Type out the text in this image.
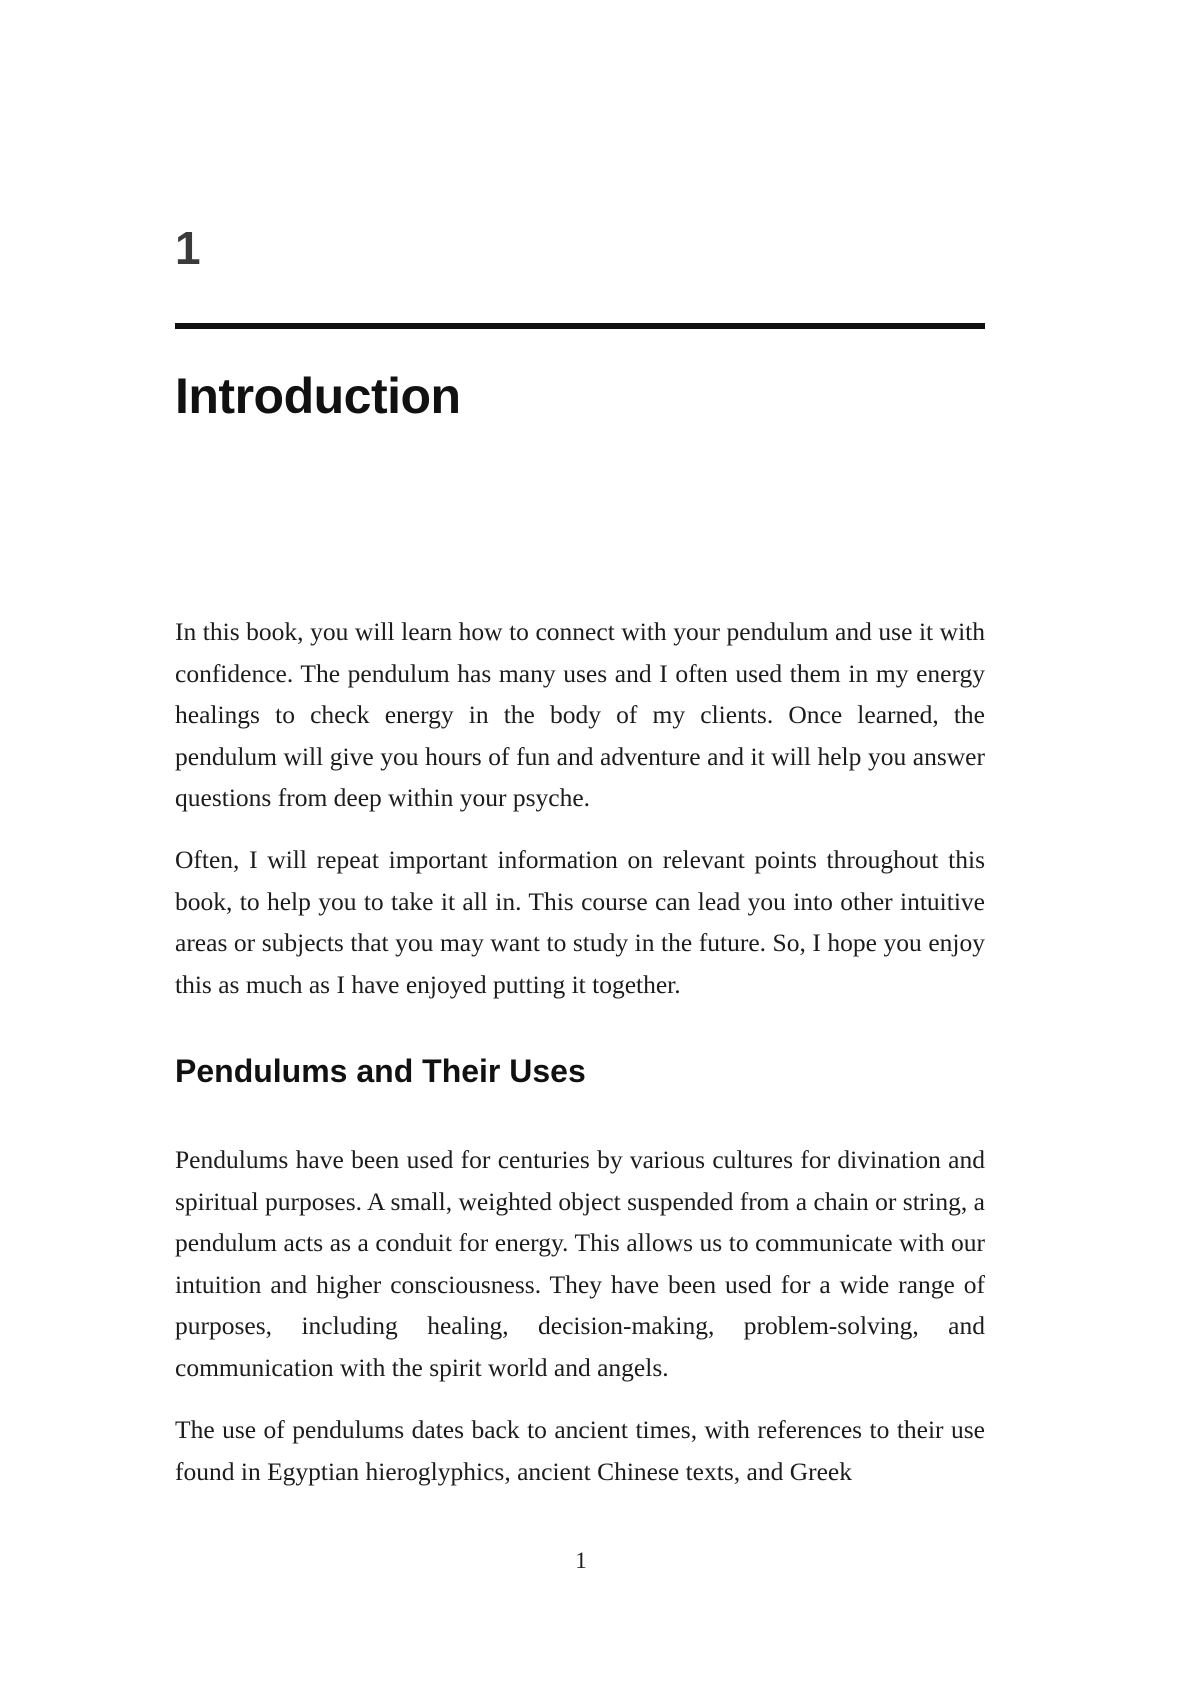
1
Introduction

In this book, you will learn how to connect with your pendulum and use it with confidence. The pendulum has many uses and I often used them in my energy healings to check energy in the body of my clients. Once learned, the pendulum will give you hours of fun and adventure and it will help you answer questions from deep within your psyche.

Often, I will repeat important information on relevant points throughout this book, to help you to take it all in. This course can lead you into other intuitive areas or subjects that you may want to study in the future. So, I hope you enjoy this as much as I have enjoyed putting it together.

Pendulums and Their Uses

Pendulums have been used for centuries by various cultures for divination and spiritual purposes. A small, weighted object suspended from a chain or string, a pendulum acts as a conduit for energy. This allows us to communicate with our intuition and higher consciousness. They have been used for a wide range of purposes, including healing, decision-making, problem-solving, and communication with the spirit world and angels.

The use of pendulums dates back to ancient times, with references to their use found in Egyptian hieroglyphics, ancient Chinese texts, and Greek

1
